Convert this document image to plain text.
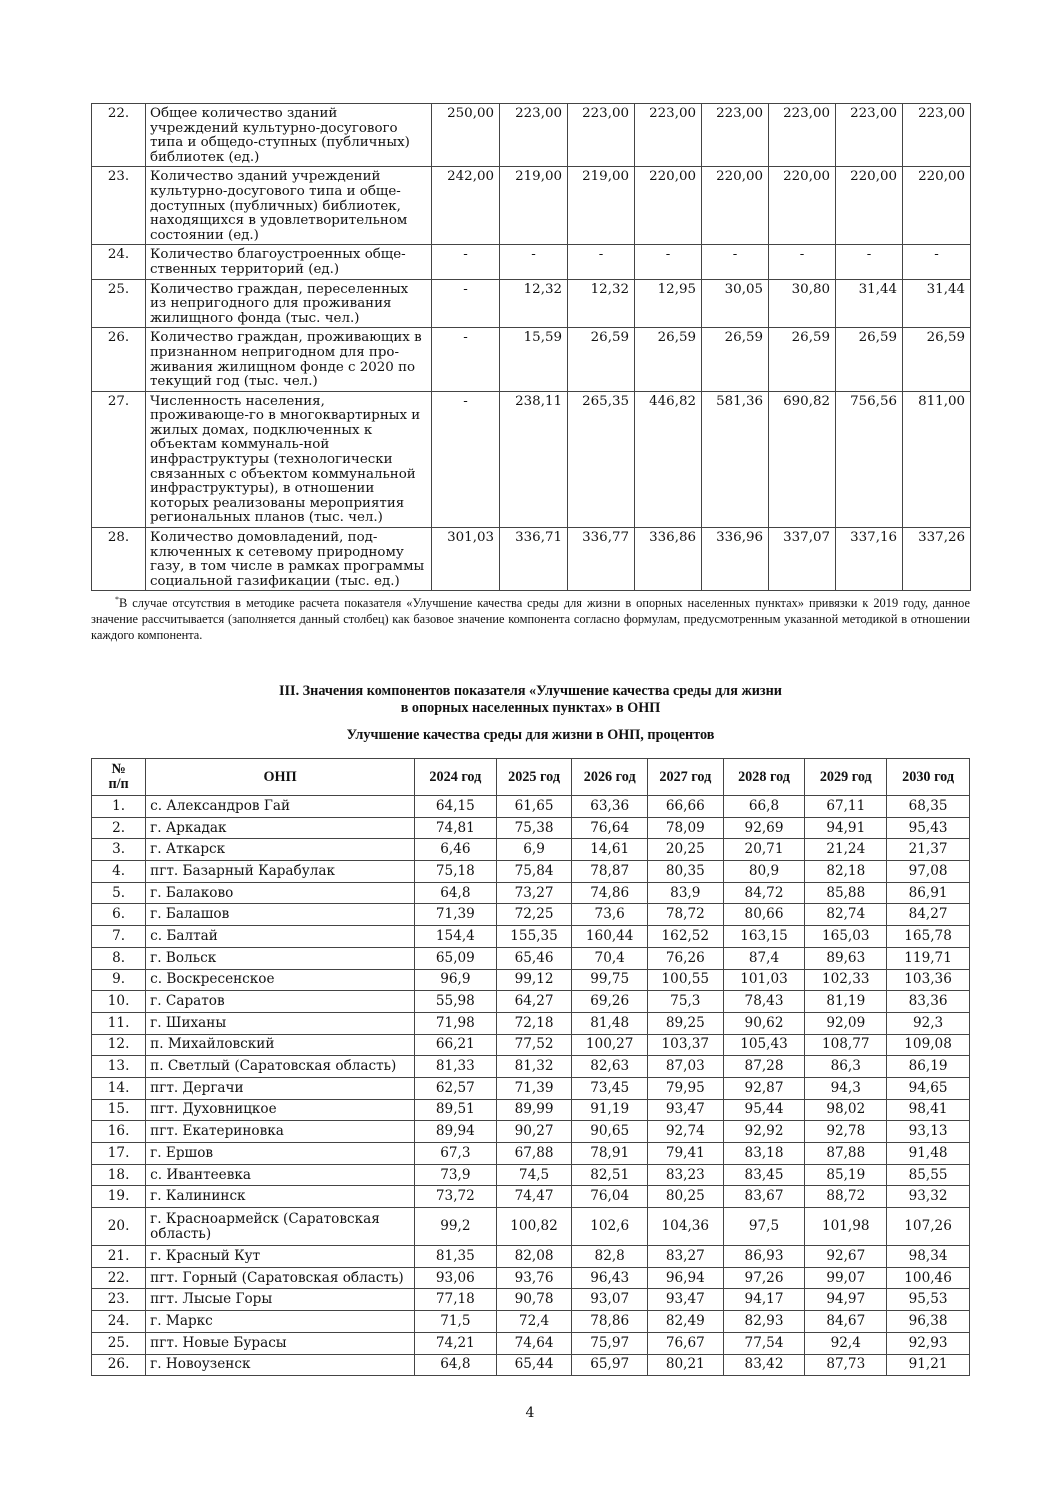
22.	Общее количество зданий учреждений культурно-досугового типа и общедо-ступных (публичных) библиотек (ед.)	250,00	223,00	223,00	223,00	223,00	223,00	223,00	223,00
23.	Количество зданий учреждений культурно-досугового типа и обще-доступных (публичных) библиотек, находящихся в удовлетворительном состоянии (ед.)	242,00	219,00	219,00	220,00	220,00	220,00	220,00	220,00
24.	Количество благоустроенных обще-ственных территорий (ед.)	-	-	-	-	-	-	-	-
25.	Количество граждан, переселенных из непригодного для проживания жилищного фонда (тыс. чел.)	-	12,32	12,32	12,95	30,05	30,80	31,44	31,44
26.	Количество граждан, проживающих в признанном непригодном для про-живания жилищном фонде с 2020 по текущий год (тыс. чел.)	-	15,59	26,59	26,59	26,59	26,59	26,59	26,59
27.	Численность населения, проживающе-го в многоквартирных и жилых домах, подключенных к объектам коммуналь-ной инфраструктуры (технологически связанных с объектом коммунальной инфраструктуры), в отношении которых реализованы мероприятия региональных планов (тыс. чел.)	-	238,11	265,35	446,82	581,36	690,82	756,56	811,00
28.	Количество домовладений, под-ключенных к сетевому природному газу, в том числе в рамках программы социальной газификации (тыс. ед.)	301,03	336,71	336,77	336,86	336,96	337,07	337,16	337,26
*В случае отсутствия в методике расчета показателя «Улучшение качества среды для жизни в опорных населенных пунктах» привязки к 2019 году, данное значение рассчитывается (заполняется данный столбец) как базовое значение компонента согласно формулам, предусмотренным указанной методикой в отношении каждого компонента.
III. Значения компонентов показателя «Улучшение качества среды для жизни
в опорных населенных пунктах» в ОНП
Улучшение качества среды для жизни в ОНП, процентов
№
п/п	ОНП	2024 год	2025 год	2026 год	2027 год	2028 год	2029 год	2030 год
1.	с. Александров Гай	64,15	61,65	63,36	66,66	66,8	67,11	68,35
2.	г. Аркадак	74,81	75,38	76,64	78,09	92,69	94,91	95,43
3.	г. Аткарск	6,46	6,9	14,61	20,25	20,71	21,24	21,37
4.	пгт. Базарный Карабулак	75,18	75,84	78,87	80,35	80,9	82,18	97,08
5.	г. Балаково	64,8	73,27	74,86	83,9	84,72	85,88	86,91
6.	г. Балашов	71,39	72,25	73,6	78,72	80,66	82,74	84,27
7.	с. Балтай	154,4	155,35	160,44	162,52	163,15	165,03	165,78
8.	г. Вольск	65,09	65,46	70,4	76,26	87,4	89,63	119,71
9.	с. Воскресенское	96,9	99,12	99,75	100,55	101,03	102,33	103,36
10.	г. Саратов	55,98	64,27	69,26	75,3	78,43	81,19	83,36
11.	г. Шиханы	71,98	72,18	81,48	89,25	90,62	92,09	92,3
12.	п. Михайловский	66,21	77,52	100,27	103,37	105,43	108,77	109,08
13.	п. Светлый (Саратовская область)	81,33	81,32	82,63	87,03	87,28	86,3	86,19
14.	пгт. Дергачи	62,57	71,39	73,45	79,95	92,87	94,3	94,65
15.	пгт. Духовницкое	89,51	89,99	91,19	93,47	95,44	98,02	98,41
16.	пгт. Екатериновка	89,94	90,27	90,65	92,74	92,92	92,78	93,13
17.	г. Ершов	67,3	67,88	78,91	79,41	83,18	87,88	91,48
18.	с. Ивантеевка	73,9	74,5	82,51	83,23	83,45	85,19	85,55
19.	г. Калининск	73,72	74,47	76,04	80,25	83,67	88,72	93,32
20.	г. Красноармейск (Саратовская область)	99,2	100,82	102,6	104,36	97,5	101,98	107,26
21.	г. Красный Кут	81,35	82,08	82,8	83,27	86,93	92,67	98,34
22.	пгт. Горный (Саратовская область)	93,06	93,76	96,43	96,94	97,26	99,07	100,46
23.	пгт. Лысые Горы	77,18	90,78	93,07	93,47	94,17	94,97	95,53
24.	г. Маркс	71,5	72,4	78,86	82,49	82,93	84,67	96,38
25.	пгт. Новые Бурасы	74,21	74,64	75,97	76,67	77,54	92,4	92,93
26.	г. Новоузенск	64,8	65,44	65,97	80,21	83,42	87,73	91,21
4
